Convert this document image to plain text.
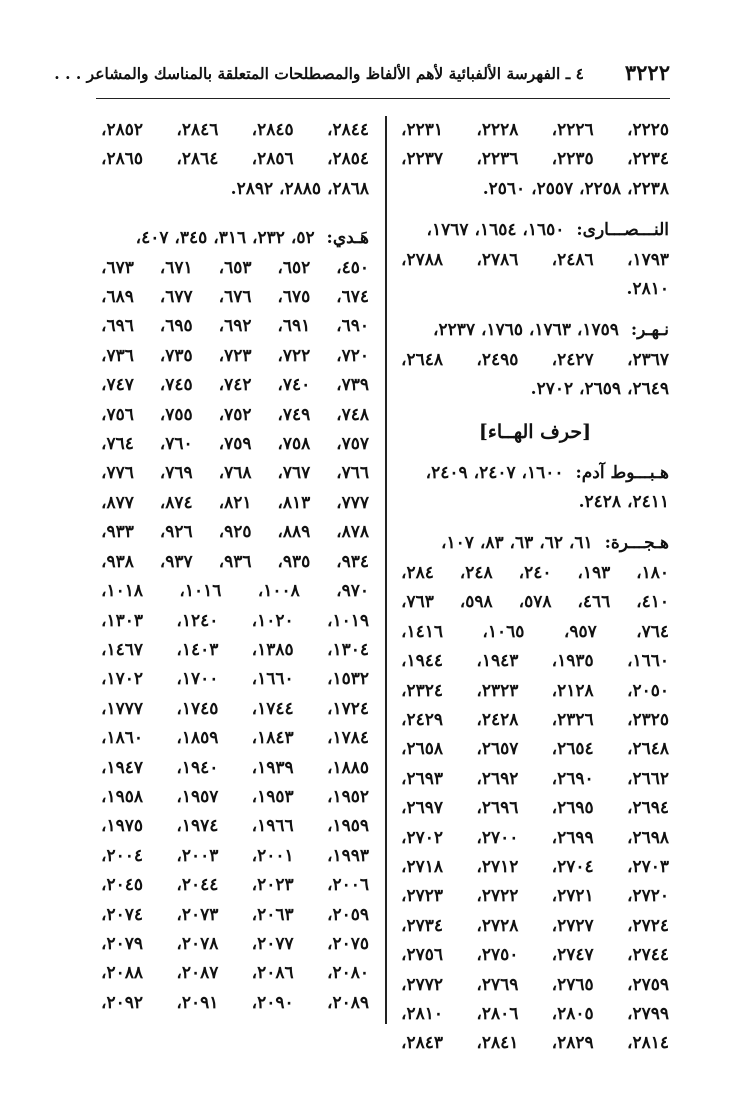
٣٢٢٢
٤ ـ الفهرسة الألفبائية لأهم الألفاظ والمصطلحات المتعلقة بالمناسك والمشاعر . . .
٢٢٢٥،
٢٢٢٦،
٢٢٢٨،
٢٢٣١،
٢٢٣٤،
٢٢٣٥،
٢٢٣٦،
٢٢٣٧،
٢٢٣٨، ٢٢٥٨، ٢٥٥٧، ٢٥٦٠.
النـــصـــارى: ١٦٥٠، ١٦٥٤، ١٧٦٧،
١٧٩٣،
٢٤٨٦،
٢٧٨٦،
٢٧٨٨،
٢٨١٠.
نـهـر: ١٧٥٩، ١٧٦٣، ١٧٦٥، ٢٢٣٧،
٢٣٦٧،
٢٤٢٧،
٢٤٩٥،
٢٦٤٨،
٢٦٤٩، ٢٦٥٩، ٢٧٠٢.
[حرف الهــاء]
هـبـــوط آدم: ١٦٠٠، ٢٤٠٧، ٢٤٠٩،
٢٤١١، ٢٤٢٨.
هـجـــرة: ٦١، ٦٢، ٦٣، ٨٣، ١٠٧،
١٨٠،
١٩٣،
٢٤٠،
٢٤٨،
٢٨٤،
٤١٠،
٤٦٦،
٥٧٨،
٥٩٨،
٧٦٣،
٧٦٤،
٩٥٧،
١٠٦٥،
١٤١٦،
١٦٦٠،
١٩٣٥،
١٩٤٣،
١٩٤٤،
٢٠٥٠،
٢١٢٨،
٢٣٢٣،
٢٣٢٤،
٢٣٢٥،
٢٣٢٦،
٢٤٢٨،
٢٤٢٩،
٢٦٤٨،
٢٦٥٤،
٢٦٥٧،
٢٦٥٨،
٢٦٦٢،
٢٦٩٠،
٢٦٩٢،
٢٦٩٣،
٢٦٩٤،
٢٦٩٥،
٢٦٩٦،
٢٦٩٧،
٢٦٩٨،
٢٦٩٩،
٢٧٠٠،
٢٧٠٢،
٢٧٠٣،
٢٧٠٤،
٢٧١٢،
٢٧١٨،
٢٧٢٠،
٢٧٢١،
٢٧٢٢،
٢٧٢٣،
٢٧٢٤،
٢٧٢٧،
٢٧٢٨،
٢٧٣٤،
٢٧٤٤،
٢٧٤٧،
٢٧٥٠،
٢٧٥٦،
٢٧٥٩،
٢٧٦٥،
٢٧٦٩،
٢٧٧٢،
٢٧٩٩،
٢٨٠٥،
٢٨٠٦،
٢٨١٠،
٢٨١٤،
٢٨٢٩،
٢٨٤١،
٢٨٤٣،
٢٨٤٤،
٢٨٤٥،
٢٨٤٦،
٢٨٥٢،
٢٨٥٤،
٢٨٥٦،
٢٨٦٤،
٢٨٦٥،
٢٨٦٨، ٢٨٨٥، ٢٨٩٢.
هَـدي: ٥٢، ٢٣٢، ٣١٦، ٣٤٥، ٤٠٧،
٤٥٠،
٦٥٢،
٦٥٣،
٦٧١،
٦٧٣،
٦٧٤،
٦٧٥،
٦٧٦،
٦٧٧،
٦٨٩،
٦٩٠،
٦٩١،
٦٩٢،
٦٩٥،
٦٩٦،
٧٢٠،
٧٢٢،
٧٢٣،
٧٣٥،
٧٣٦،
٧٣٩،
٧٤٠،
٧٤٢،
٧٤٥،
٧٤٧،
٧٤٨،
٧٤٩،
٧٥٢،
٧٥٥،
٧٥٦،
٧٥٧،
٧٥٨،
٧٥٩،
٧٦٠،
٧٦٤،
٧٦٦،
٧٦٧،
٧٦٨،
٧٦٩،
٧٧٦،
٧٧٧،
٨١٣،
٨٢١،
٨٧٤،
٨٧٧،
٨٧٨،
٨٨٩،
٩٢٥،
٩٢٦،
٩٣٣،
٩٣٤،
٩٣٥،
٩٣٦،
٩٣٧،
٩٣٨،
٩٧٠،
١٠٠٨،
١٠١٦،
١٠١٨،
١٠١٩،
١٠٢٠،
١٢٤٠،
١٣٠٣،
١٣٠٤،
١٣٨٥،
١٤٠٣،
١٤٦٧،
١٥٣٢،
١٦٦٠،
١٧٠٠،
١٧٠٢،
١٧٢٤،
١٧٤٤،
١٧٤٥،
١٧٧٧،
١٧٨٤،
١٨٤٣،
١٨٥٩،
١٨٦٠،
١٨٨٥،
١٩٣٩،
١٩٤٠،
١٩٤٧،
١٩٥٢،
١٩٥٣،
١٩٥٧،
١٩٥٨،
١٩٥٩،
١٩٦٦،
١٩٧٤،
١٩٧٥،
١٩٩٣،
٢٠٠١،
٢٠٠٣،
٢٠٠٤،
٢٠٠٦،
٢٠٢٣،
٢٠٤٤،
٢٠٤٥،
٢٠٥٩،
٢٠٦٣،
٢٠٧٣،
٢٠٧٤،
٢٠٧٥،
٢٠٧٧،
٢٠٧٨،
٢٠٧٩،
٢٠٨٠،
٢٠٨٦،
٢٠٨٧،
٢٠٨٨،
٢٠٨٩،
٢٠٩٠،
٢٠٩١،
٢٠٩٢،
